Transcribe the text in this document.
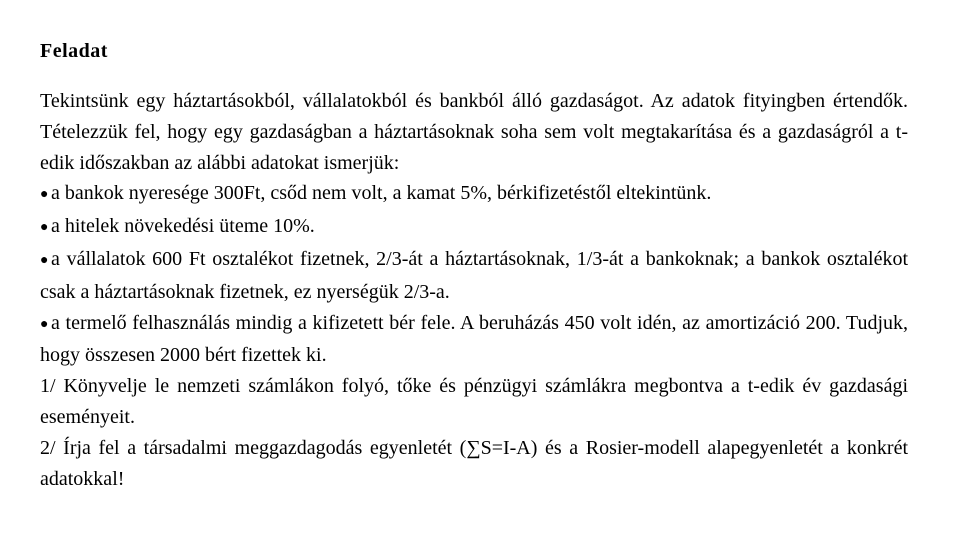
Feladat

Tekintsünk egy háztartásokból, vállalatokból és bankból álló gazdaságot. Az adatok fityingben értendők. Tételezzük fel, hogy egy gazdaságban a háztartásoknak soha sem volt megtakarítása és a gazdaságról a t-edik időszakban az alábbi adatokat ismerjük:

● a bankok nyeresége 300Ft, csőd nem volt, a kamat 5%, bérkifizetéstől eltekintünk.

● a hitelek növekedési üteme 10%.

● a vállalatok 600 Ft osztalékot fizetnek, 2/3-át a háztartásoknak, 1/3-át a bankoknak; a bankok osztalékot csak a háztartásoknak fizetnek, ez nyerségük 2/3-a.

● a termelő felhasználás mindig a kifizetett bér fele. A beruházás 450 volt idén, az amortizáció 200. Tudjuk, hogy összesen 2000 bért fizettek ki.

1/ Könyvelje le nemzeti számlákon folyó, tőke és pénzügyi számlákra megbontva a t-edik év gazdasági eseményeit.

2/ Írja fel a társadalmi meggazdagodás egyenletét (∑S=I-A) és a Rosier-modell alapegyenletét a konkrét adatokkal!
